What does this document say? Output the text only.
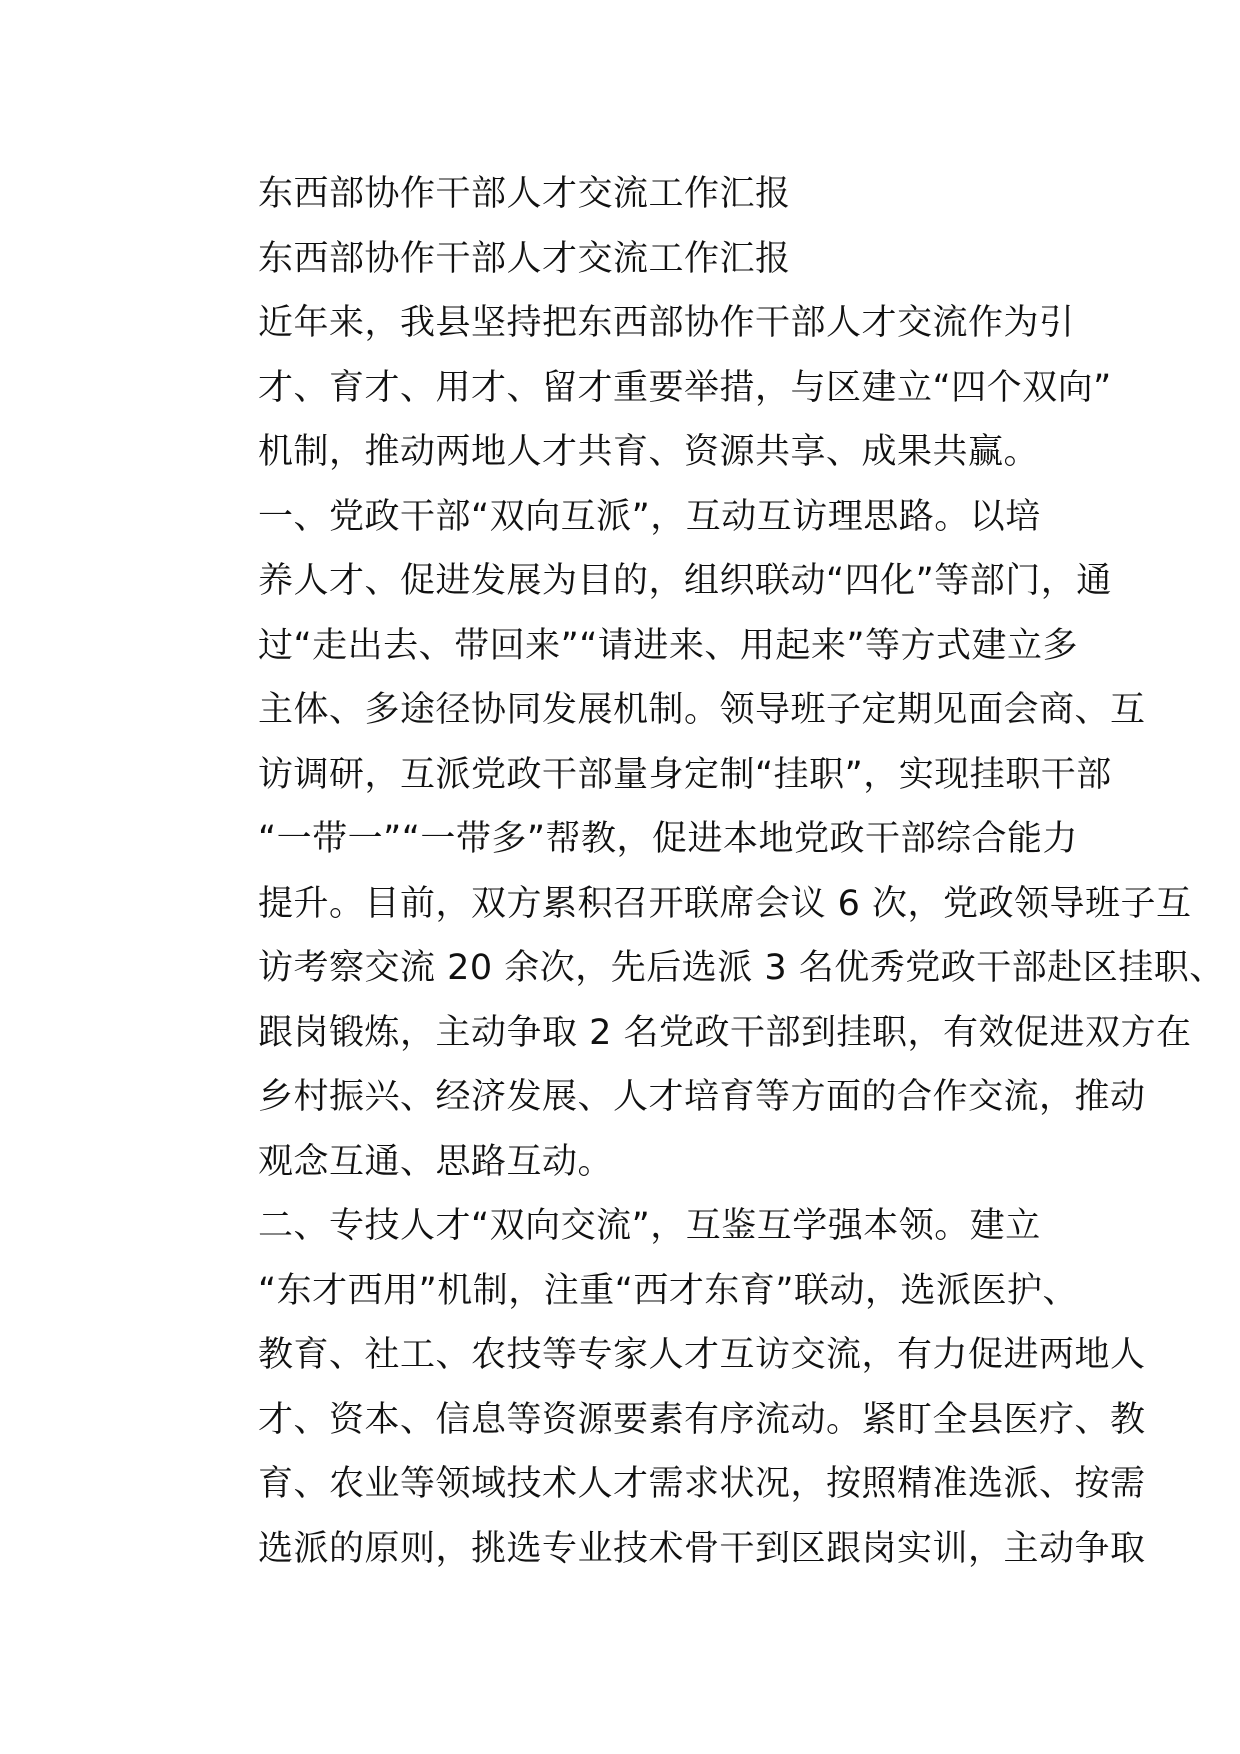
东西部协作干部人才交流工作汇报

东西部协作干部人才交流工作汇报

近年来，我县坚持把东西部协作干部人才交流作为引
才、育才、用才、留才重要举措，与区建立“四个双向”
机制，推动两地人才共育、资源共享、成果共赢。

一、党政干部“双向互派”，互动互访理思路。以培
养人才、促进发展为目的，组织联动“四化”等部门，通
过“走出去、带回来”“请进来、用起来”等方式建立多
主体、多途径协同发展机制。领导班子定期见面会商、互
访调研，互派党政干部量身定制“挂职”，实现挂职干部
“一带一”“一带多”帮教，促进本地党政干部综合能力
提升。目前，双方累积召开联席会议 6 次，党政领导班子互
访考察交流 20 余次，先后选派 3 名优秀党政干部赴区挂职、
跟岗锻炼，主动争取 2 名党政干部到挂职，有效促进双方在
乡村振兴、经济发展、人才培育等方面的合作交流，推动
观念互通、思路互动。

二、专技人才“双向交流”，互鉴互学强本领。建立
“东才西用”机制，注重“西才东育”联动，选派医护、
教育、社工、农技等专家人才互访交流，有力促进两地人
才、资本、信息等资源要素有序流动。紧盯全县医疗、教
育、农业等领域技术人才需求状况，按照精准选派、按需
选派的原则，挑选专业技术骨干到区跟岗实训，主动争取
